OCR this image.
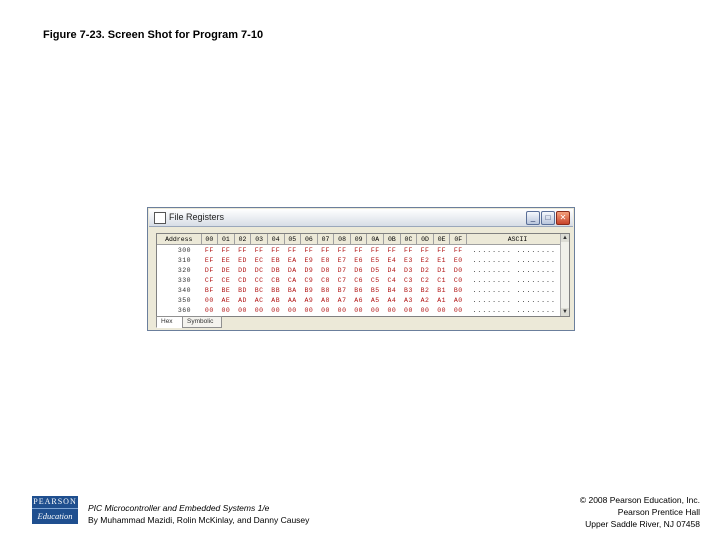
Figure 7-23. Screen Shot for Program 7-10
File Registers	_	□	✕
Address	00	01	02	03	04	05	06	07	08	09	0A	0B	0C	0D	0E	0F	ASCII
300	FF	FF	FF	FF	FF	FF	FF	FF	FF	FF	FF	FF	FF	FF	FF	FF	........ ........
310	EF	EE	ED	EC	EB	EA	E9	E8	E7	E6	E5	E4	E3	E2	E1	E0	........ ........
320	DF	DE	DD	DC	DB	DA	D9	D8	D7	D6	D5	D4	D3	D2	D1	D0	........ ........
330	CF	CE	CD	CC	CB	CA	C9	C8	C7	C6	C5	C4	C3	C2	C1	C0	........ ........
340	BF	BE	BD	BC	BB	BA	B9	B8	B7	B6	B5	B4	B3	B2	B1	B0	........ ........
350	00	AE	AD	AC	AB	AA	A9	A8	A7	A6	A5	A4	A3	A2	A1	A0	........ ........
360	00	00	00	00	00	00	00	00	00	00	00	00	00	00	00	00	........ ........
▲
▼
Hex	Symbolic
PEARSON
Education
PIC Microcontroller and Embedded Systems 1/e
By Muhammad Mazidi, Rolin McKinlay, and Danny Causey
© 2008 Pearson Education, Inc.
Pearson Prentice Hall
Upper Saddle River, NJ 07458
